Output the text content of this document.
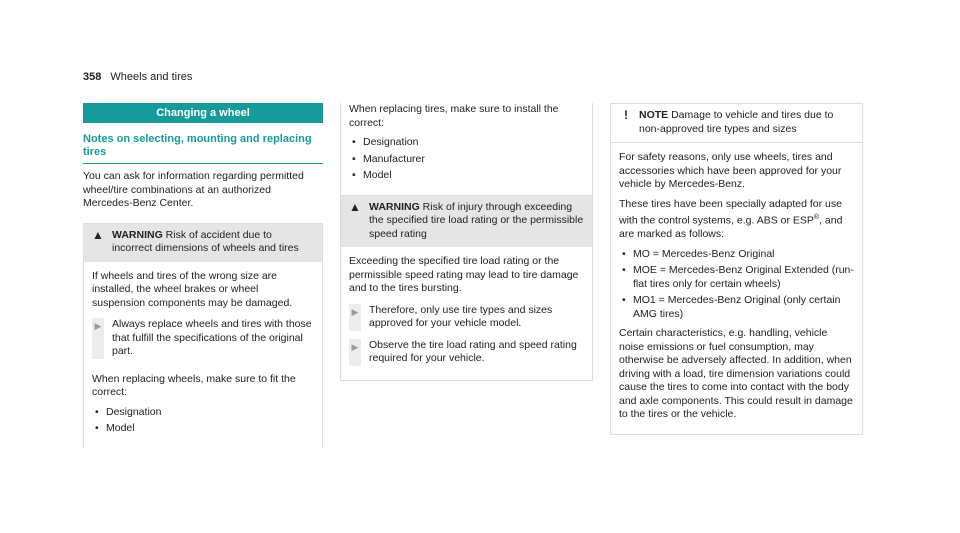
358 Wheels and tires
Changing a wheel
Notes on selecting, mounting and replacing tires

You can ask for information regarding permitted wheel/tire combinations at an authorized Mercedes-Benz Center.

▲ WARNING Risk of accident due to incorrect dimensions of wheels and tires

If wheels and tires of the wrong size are installed, the wheel brakes or wheel suspension components may be damaged.

▶ Always replace wheels and tires with those that fulfill the specifications of the original part.

When replacing wheels, make sure to fit the correct:

• Designation
• Model

When replacing tires, make sure to install the correct:

• Designation
• Manufacturer
• Model
▲ WARNING Risk of injury through exceeding the specified tire load rating or the permissible speed rating

Exceeding the specified tire load rating or the permissible speed rating may lead to tire damage and to the tires bursting.

▶ Therefore, only use tire types and sizes approved for your vehicle model.
▶ Observe the tire load rating and speed rating required for your vehicle.
!	NOTE Damage to vehicle and tires due to non-approved tire types and sizes

For safety reasons, only use wheels, tires and accessories which have been approved for your vehicle by Mercedes-Benz.

These tires have been specially adapted for use with the control systems, e.g. ABS or ESP®, and are marked as follows:

• MO = Mercedes-Benz Original
• MOE = Mercedes-Benz Original Extended (run-flat tires only for certain wheels)
• MO1 = Mercedes-Benz Original (only certain AMG tires)

Certain characteristics, e.g. handling, vehicle noise emissions or fuel consumption, may otherwise be adversely affected. In addition, when driving with a load, tire dimension variations could cause the tires to come into contact with the body and axle components. This could result in damage to the tires or the vehicle.
